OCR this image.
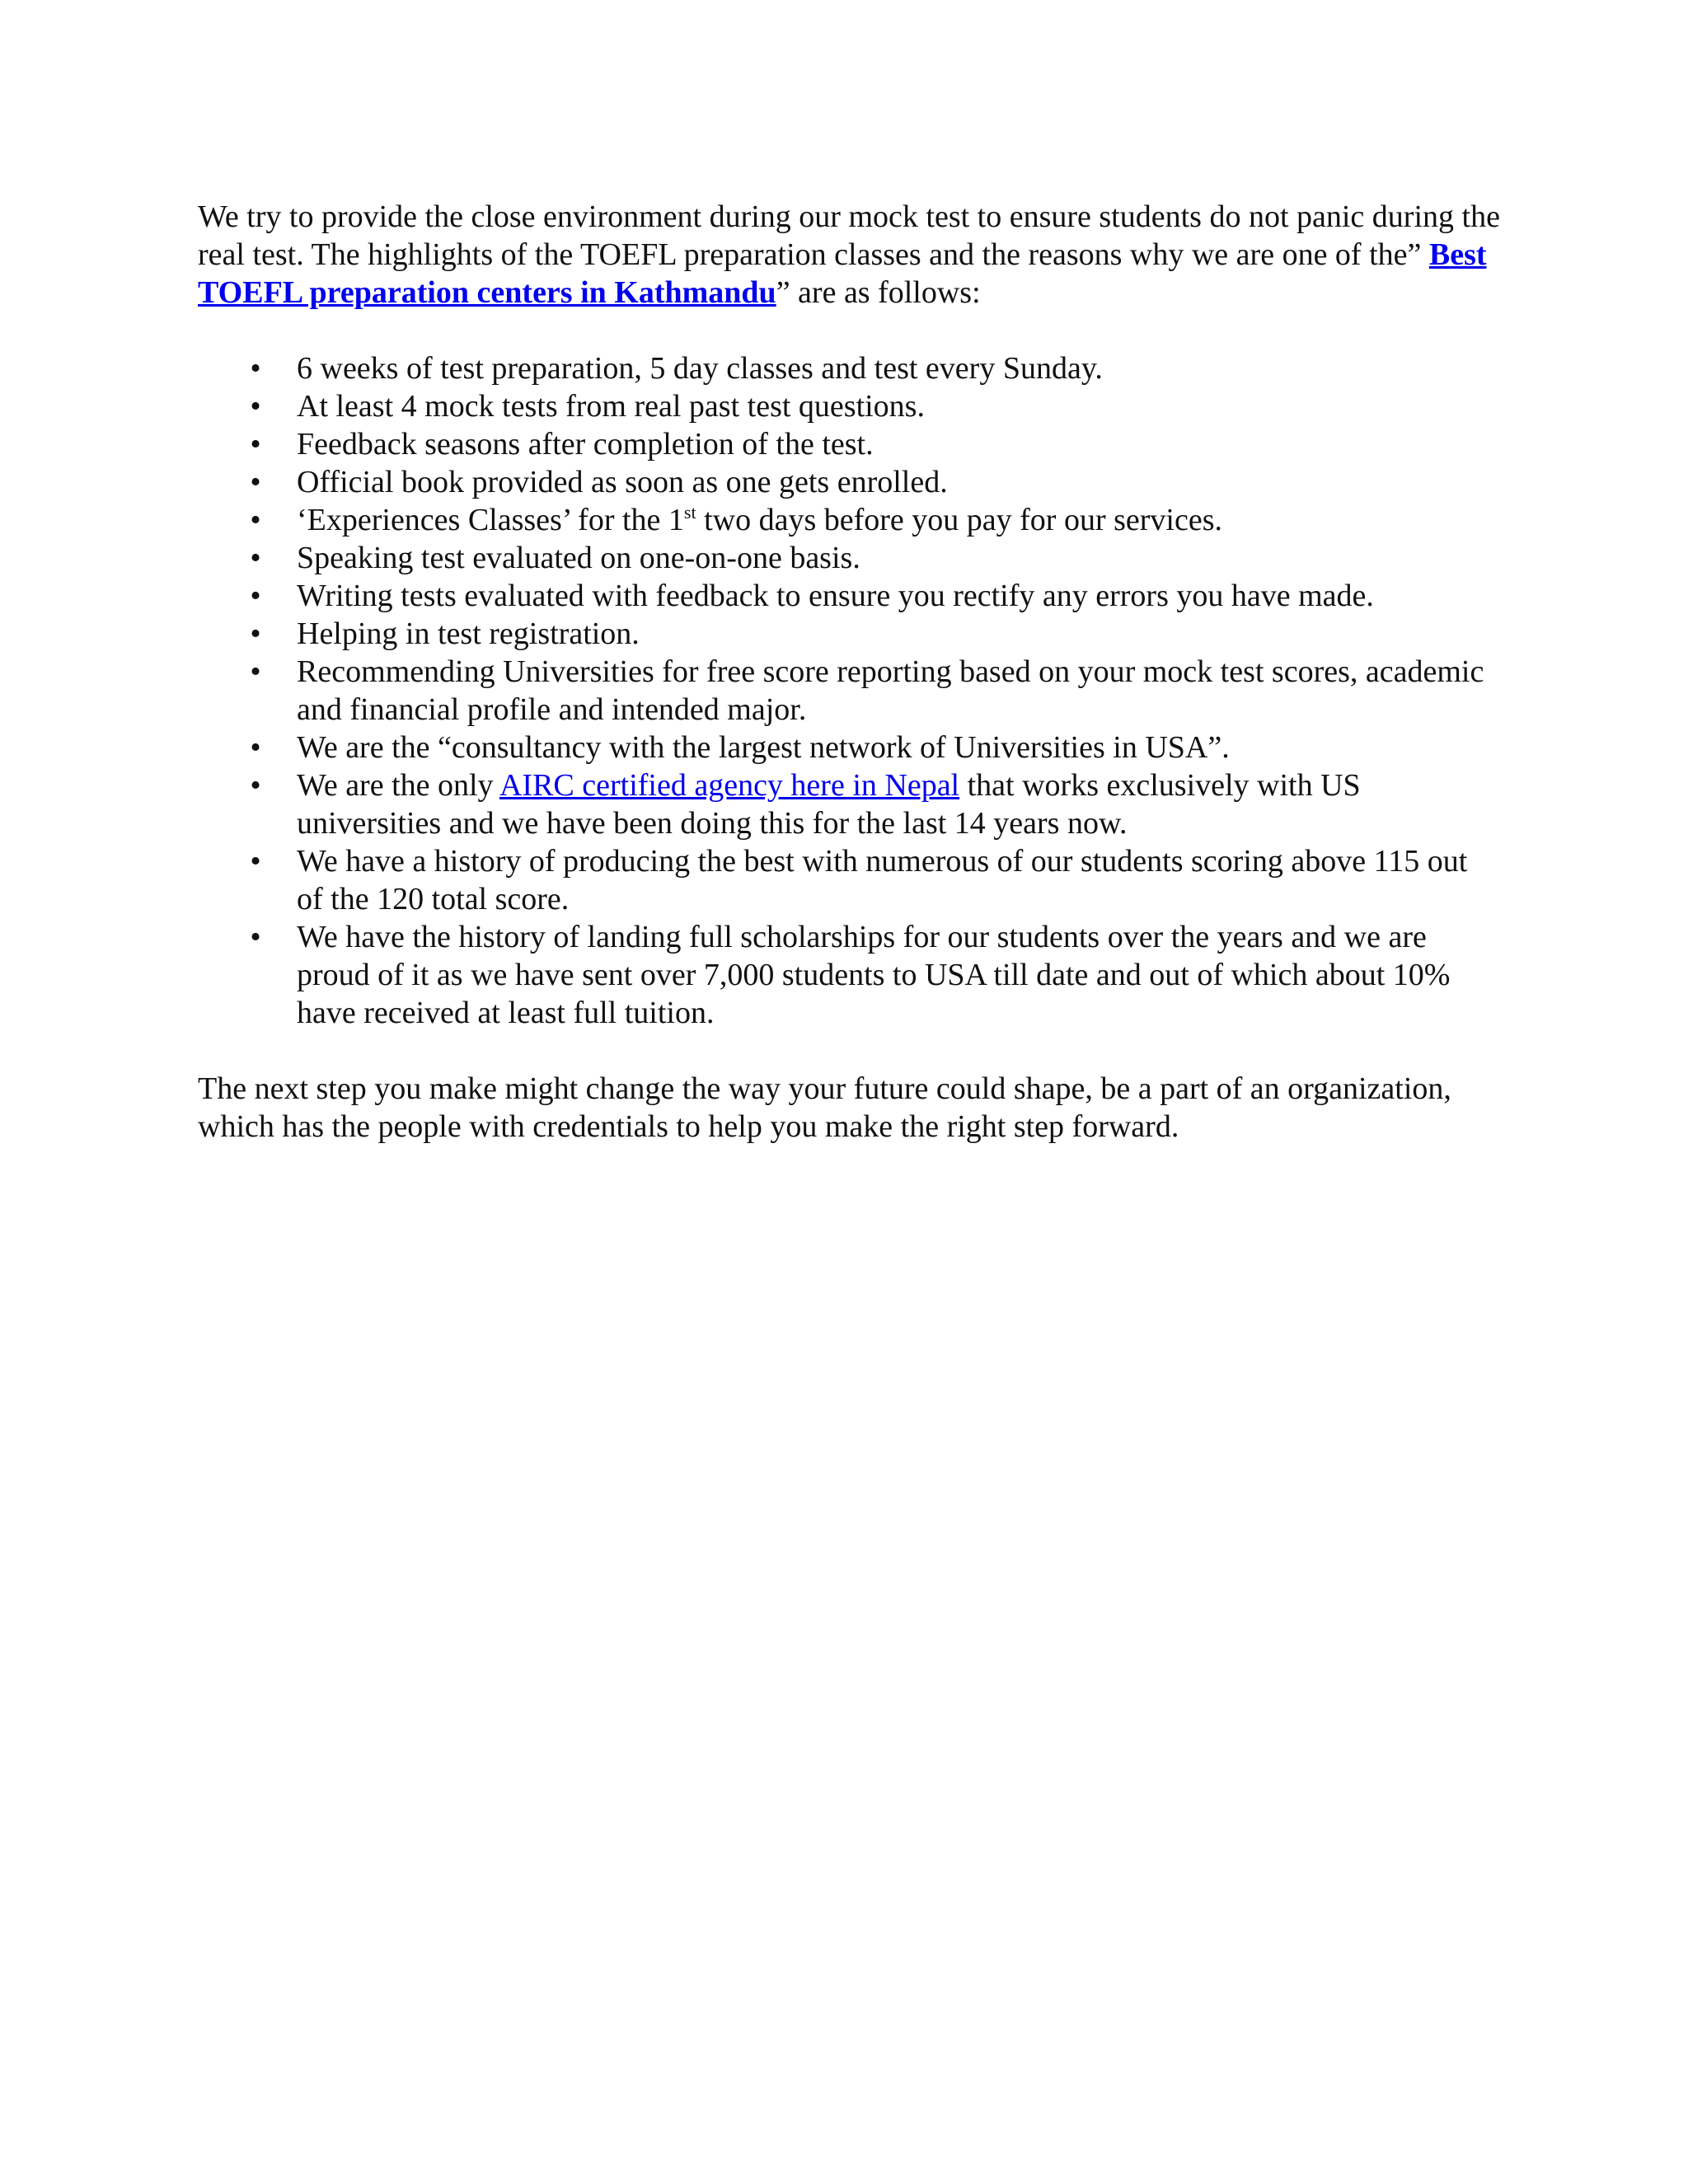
We try to provide the close environment during our mock test to ensure students do not panic during the real test. The highlights of the TOEFL preparation classes and the reasons why we are one of the” Best TOEFL preparation centers in Kathmandu” are as follows:

• 6 weeks of test preparation, 5 day classes and test every Sunday.
• At least 4 mock tests from real past test questions.
• Feedback seasons after completion of the test.
• Official book provided as soon as one gets enrolled.
• ‘Experiences Classes’ for the 1st two days before you pay for our services.
• Speaking test evaluated on one-on-one basis.
• Writing tests evaluated with feedback to ensure you rectify any errors you have made.
• Helping in test registration.
• Recommending Universities for free score reporting based on your mock test scores, academic and financial profile and intended major.
• We are the “consultancy with the largest network of Universities in USA”.
• We are the only AIRC certified agency here in Nepal that works exclusively with US universities and we have been doing this for the last 14 years now.
• We have a history of producing the best with numerous of our students scoring above 115 out of the 120 total score.
• We have the history of landing full scholarships for our students over the years and we are proud of it as we have sent over 7,000 students to USA till date and out of which about 10% have received at least full tuition.

The next step you make might change the way your future could shape, be a part of an organization, which has the people with credentials to help you make the right step forward.
